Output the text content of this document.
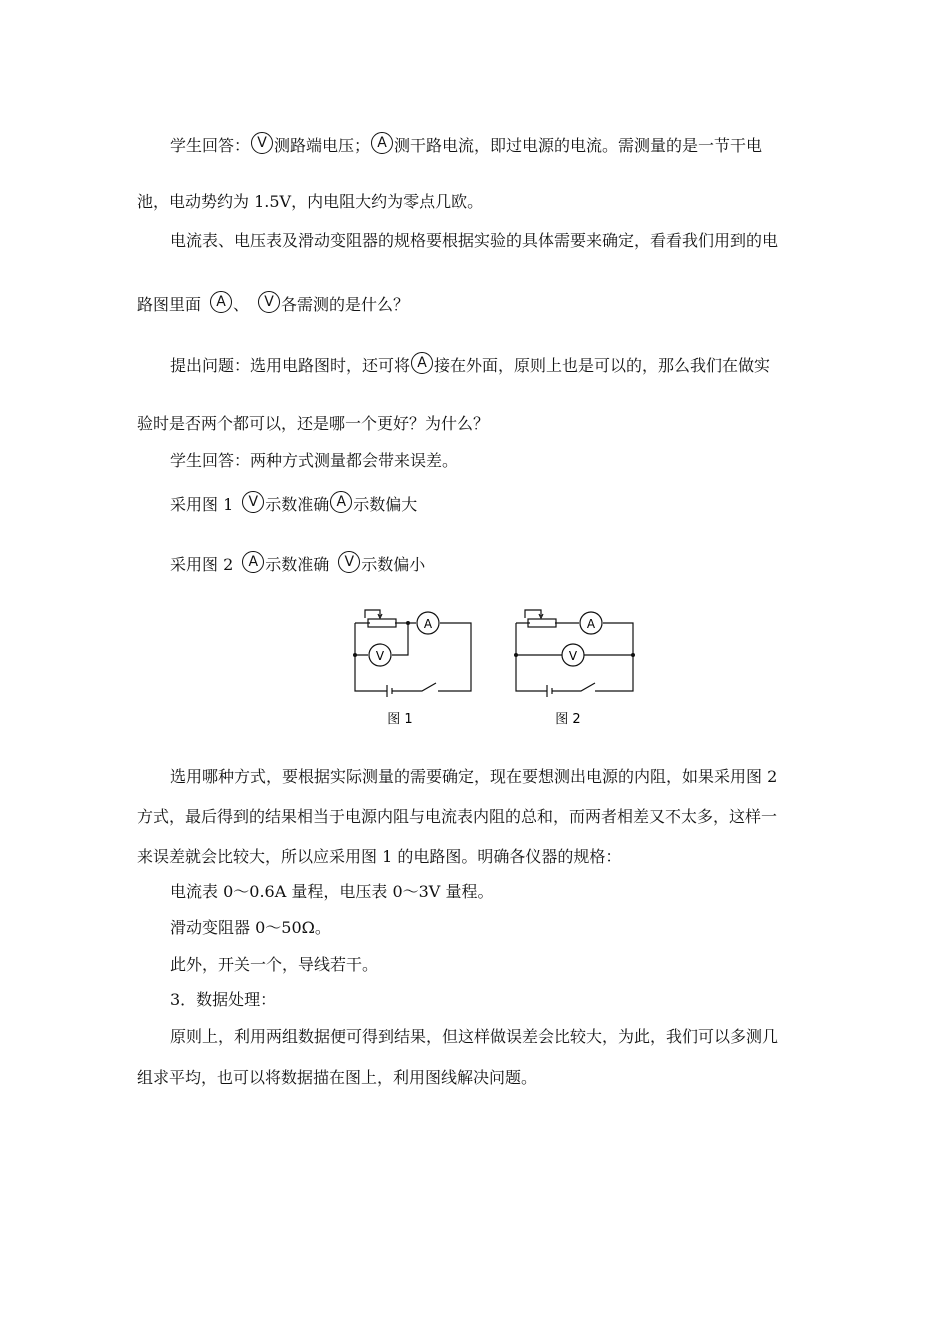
学生回答： V 测路端电压； A 测干路电流，即过电源的电流。需测量的是一节干电
池，电动势约为 1.5V，内电阻大约为零点几欧。
电流表、电压表及滑动变阻器的规格要根据实验的具体需要来确定，看看我们用到的电
路图里面 A 、 V 各需测的是什么？
提出问题：选用电路图时，还可将 A 接在外面，原则上也是可以的，那么我们在做实
验时是否两个都可以，还是哪一个更好？为什么？
学生回答：两种方式测量都会带来误差。
采用图 1 V 示数准确 A 示数偏大
采用图 2 A 示数准确 V 示数偏小
A
V
图 1
A
V
图 2
选用哪种方式，要根据实际测量的需要确定，现在要想测出电源的内阻，如果采用图 2
方式，最后得到的结果相当于电源内阻与电流表内阻的总和，而两者相差又不太多，这样一
来误差就会比较大，所以应采用图 1 的电路图。明确各仪器的规格：
电流表 0～0.6A 量程，电压表 0～3V 量程。
滑动变阻器 0～50Ω。
此外，开关一个，导线若干。
3．数据处理：
原则上，利用两组数据便可得到结果，但这样做误差会比较大，为此，我们可以多测几
组求平均，也可以将数据描在图上，利用图线解决问题。
